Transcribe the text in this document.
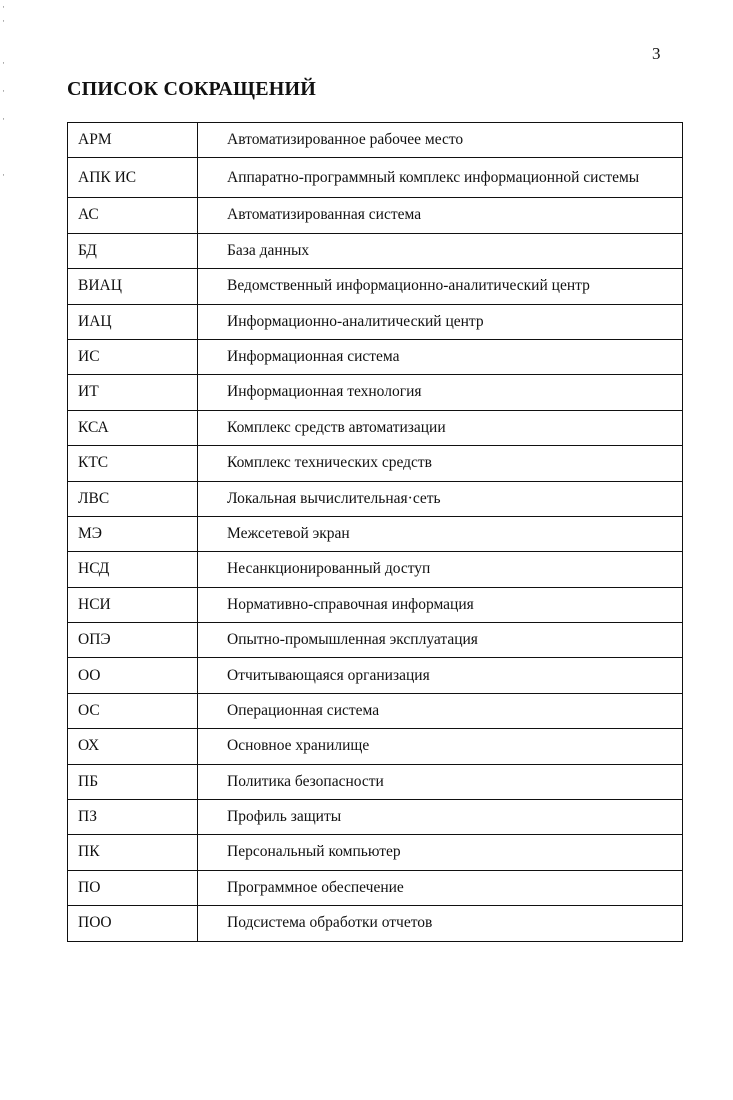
·
·

·

·

·

·
3
СПИСОК СОКРАЩЕНИЙ
АРМ	Автоматизированное рабочее место
АПК ИС	Аппаратно-программный комплекс информационной системы
АС	Автоматизированная система
БД	База данных
ВИАЦ	Ведомственный информационно-аналитический центр
ИАЦ	Информационно-аналитический центр
ИС	Информационная система
ИТ	Информационная технология
КСА	Комплекс средств автоматизации
КТС	Комплекс технических средств
ЛВС	Локальная вычислительная·сеть
МЭ	Межсетевой экран
НСД	Несанкционированный доступ
НСИ	Нормативно-справочная информация
ОПЭ	Опытно-промышленная эксплуатация
ОО	Отчитывающаяся организация
ОС	Операционная система
ОХ	Основное хранилище
ПБ	Политика безопасности
ПЗ	Профиль защиты
ПК	Персональный компьютер
ПО	Программное обеспечение
ПОО	Подсистема обработки отчетов
